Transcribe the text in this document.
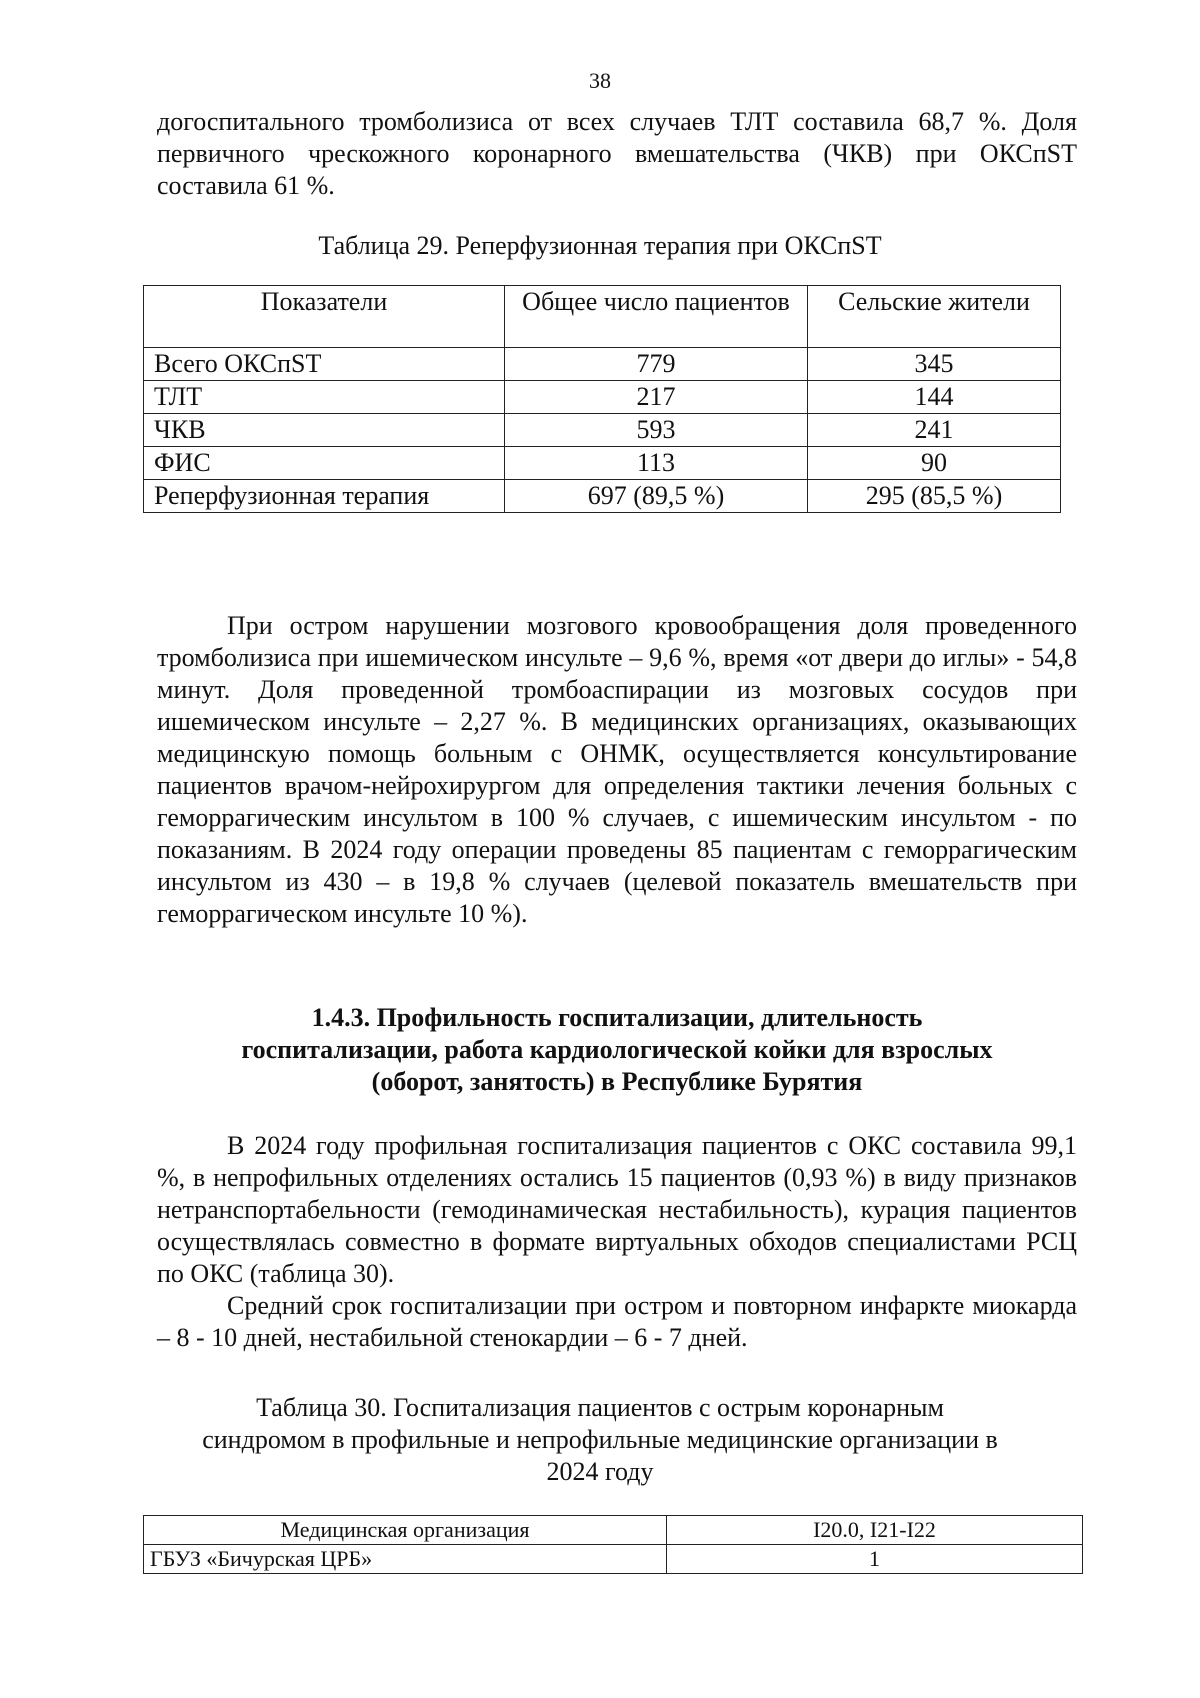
38
догоспитального тромболизиса от всех случаев ТЛТ составила 68,7 %. Доля первичного чрескожного коронарного вмешательства (ЧКВ) при ОКСпST составила 61 %.
Таблица 29. Реперфузионная терапия при ОКСпST
Показатели	Общее число пациентов	Сельские жители
Всего ОКСпST	779	345
ТЛТ	217	144
ЧКВ	593	241
ФИС	113	90
Реперфузионная терапия	697 (89,5 %)	295 (85,5 %)

При остром нарушении мозгового кровообращения доля проведенного тромболизиса при ишемическом инсульте – 9,6 %, время «от двери до иглы» - 54,8 минут. Доля проведенной тромбоаспирации из мозговых сосудов при ишемическом инсульте – 2,27 %. В медицинских организациях, оказывающих медицинскую помощь больным с ОНМК, осуществляется консультирование пациентов врачом-нейрохирургом для определения тактики лечения больных с геморрагическим инсультом в 100 % случаев, с ишемическим инсультом - по показаниям. В 2024 году операции проведены 85 пациентам с геморрагическим инсультом из 430 – в 19,8 % случаев (целевой показатель вмешательств при геморрагическом инсульте 10 %).

1.4.3. Профильность госпитализации, длительность
госпитализации, работа кардиологической койки для взрослых
(оборот, занятость) в Республике Бурятия

В 2024 году профильная госпитализация пациентов с ОКС составила 99,1 %, в непрофильных отделениях остались 15 пациентов (0,93 %) в виду признаков нетранспортабельности (гемодинамическая нестабильность), курация пациентов осуществлялась совместно в формате виртуальных обходов специалистами РСЦ по ОКС (таблица 30).

Средний срок госпитализации при остром и повторном инфаркте миокарда – 8 - 10 дней, нестабильной стенокардии – 6 - 7 дней.

Таблица 30. Госпитализация пациентов с острым коронарным
синдромом в профильные и непрофильные медицинские организации в
2024 году
Медицинская организация	I20.0, I21-I22
ГБУЗ «Бичурская ЦРБ»	1
